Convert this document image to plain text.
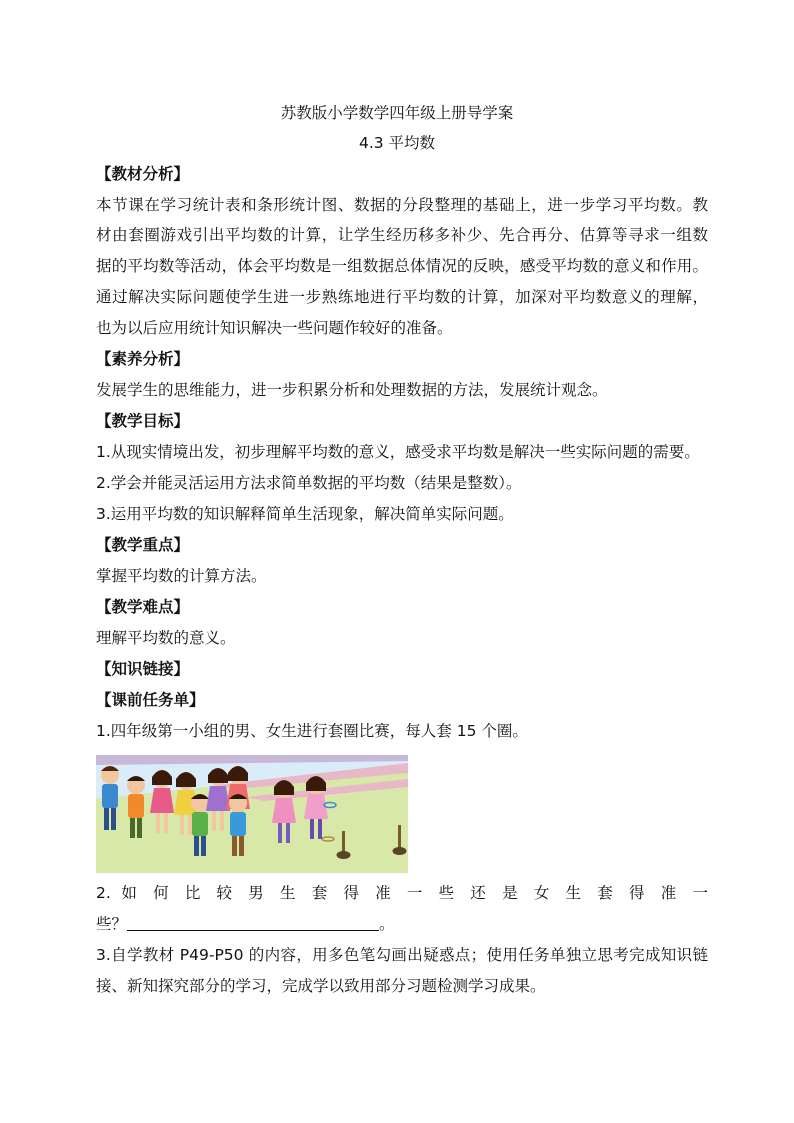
苏教版小学数学四年级上册导学案
4.3 平均数
【教材分析】
本节课在学习统计表和条形统计图、数据的分段整理的基础上，进一步学习平均数。教
材由套圈游戏引出平均数的计算，让学生经历移多补少、先合再分、估算等寻求一组数
据的平均数等活动，体会平均数是一组数据总体情况的反映，感受平均数的意义和作用。
通过解决实际问题使学生进一步熟练地进行平均数的计算，加深对平均数意义的理解，
也为以后应用统计知识解决一些问题作较好的准备。
【素养分析】
发展学生的思维能力，进一步积累分析和处理数据的方法，发展统计观念。
【教学目标】
1.从现实情境出发，初步理解平均数的意义，感受求平均数是解决一些实际问题的需要。
2.学会并能灵活运用方法求简单数据的平均数（结果是整数）。
3.运用平均数的知识解释简单生活现象，解决简单实际问题。
【教学重点】
掌握平均数的计算方法。
【教学难点】
理解平均数的意义。
【知识链接】
【课前任务单】
1.四年级第一小组的男、女生进行套圈比赛，每人套 15 个圈。
2. 如 何 比 较 男 生 套 得 准 一 些 还 是 女 生 套 得 准 一
些？	。
3.自学教材 P49-P50 的内容，用多色笔勾画出疑惑点；使用任务单独立思考完成知识链
接、新知探究部分的学习，完成学以致用部分习题检测学习成果。
